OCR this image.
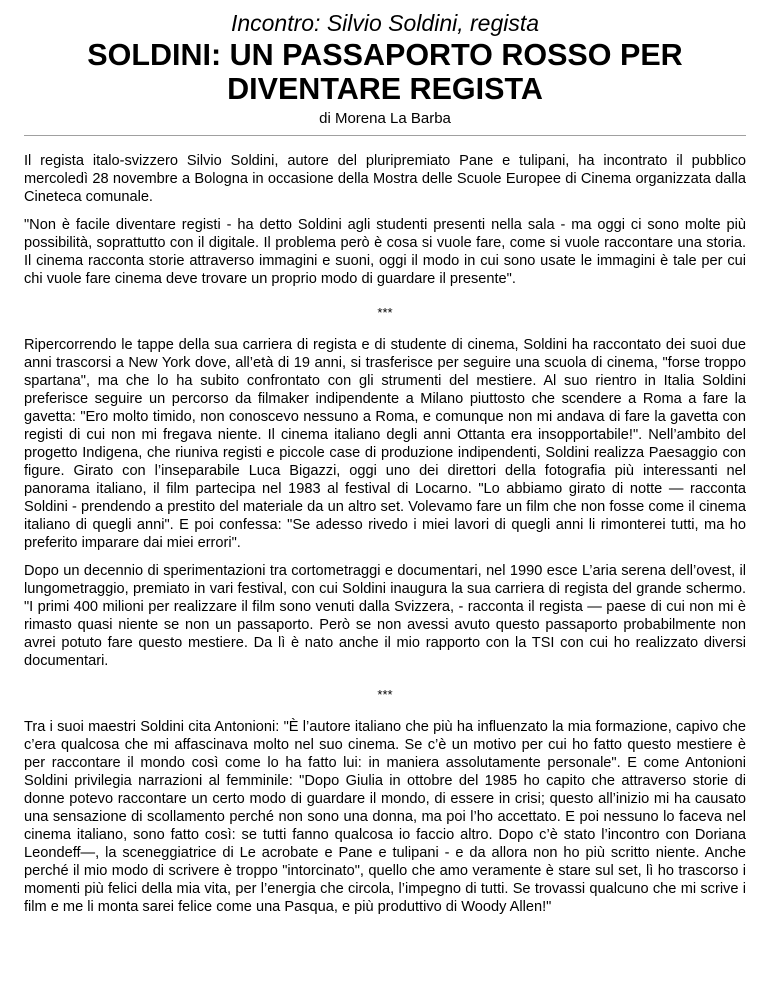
Incontro: Silvio Soldini, regista

SOLDINI: UN PASSAPORTO ROSSO PER DIVENTARE REGISTA

di Morena La Barba

Il regista italo-svizzero Silvio Soldini, autore del pluripremiato Pane e tulipani, ha incontrato il pubblico mercoledì 28 novembre a Bologna in occasione della Mostra delle Scuole Europee di Cinema organizzata dalla Cineteca comunale.

"Non è facile diventare registi - ha detto Soldini agli studenti presenti nella sala - ma oggi ci sono molte più possibilità, soprattutto con il digitale. Il problema però è cosa si vuole fare, come si vuole raccontare una storia. Il cinema racconta storie attraverso immagini e suoni, oggi il modo in cui sono usate le immagini è tale per cui chi vuole fare cinema deve trovare un proprio modo di guardare il presente".

***

Ripercorrendo le tappe della sua carriera di regista e di studente di cinema, Soldini ha raccontato dei suoi due anni trascorsi a New York dove, all’età di 19 anni, si trasferisce per seguire una scuola di cinema, "forse troppo spartana", ma che lo ha subito confrontato con gli strumenti del mestiere. Al suo rientro in Italia Soldini preferisce seguire un percorso da filmaker indipendente a Milano piuttosto che scendere a Roma a fare la gavetta: "Ero molto timido, non conoscevo nessuno a Roma, e comunque non mi andava di fare la gavetta con registi di cui non mi fregava niente. Il cinema italiano degli anni Ottanta era insopportabile!". Nell’ambito del progetto Indigena, che riuniva registi e piccole case di produzione indipendenti, Soldini realizza Paesaggio con figure. Girato con l’inseparabile Luca Bigazzi, oggi uno dei direttori della fotografia più interessanti nel panorama italiano, il film partecipa nel 1983 al festival di Locarno. "Lo abbiamo girato di notte — racconta Soldini - prendendo a prestito del materiale da un altro set. Volevamo fare un film che non fosse come il cinema italiano di quegli anni". E poi confessa: "Se adesso rivedo i miei lavori di quegli anni li rimonterei tutti, ma ho preferito imparare dai miei errori".

Dopo un decennio di sperimentazioni tra cortometraggi e documentari, nel 1990 esce L’aria serena dell’ovest, il lungometraggio, premiato in vari festival, con cui Soldini inaugura la sua carriera di regista del grande schermo. "I primi 400 milioni per realizzare il film sono venuti dalla Svizzera, - racconta il regista — paese di cui non mi è rimasto quasi niente se non un passaporto. Però se non avessi avuto questo passaporto probabilmente non avrei potuto fare questo mestiere. Da lì è nato anche il mio rapporto con la TSI con cui ho realizzato diversi documentari.

***

Tra i suoi maestri Soldini cita Antonioni: "È l’autore italiano che più ha influenzato la mia formazione, capivo che c’era qualcosa che mi affascinava molto nel suo cinema. Se c’è un motivo per cui ho fatto questo mestiere è per raccontare il mondo così come lo ha fatto lui: in maniera assolutamente personale". E come Antonioni Soldini privilegia narrazioni al femminile: "Dopo Giulia in ottobre del 1985 ho capito che attraverso storie di donne potevo raccontare un certo modo di guardare il mondo, di essere in crisi; questo all’inizio mi ha causato una sensazione di scollamento perché non sono una donna, ma poi l’ho accettato. E poi nessuno lo faceva nel cinema italiano, sono fatto così: se tutti fanno qualcosa io faccio altro. Dopo c’è stato l’incontro con Doriana Leondeff—, la sceneggiatrice di Le acrobate e Pane e tulipani - e da allora non ho più scritto niente. Anche perché il mio modo di scrivere è troppo "intorcinato", quello che amo veramente è stare sul set, lì ho trascorso i momenti più felici della mia vita, per l’energia che circola, l’impegno di tutti. Se trovassi qualcuno che mi scrive i film e me li monta sarei felice come una Pasqua, e più produttivo di Woody Allen!"
